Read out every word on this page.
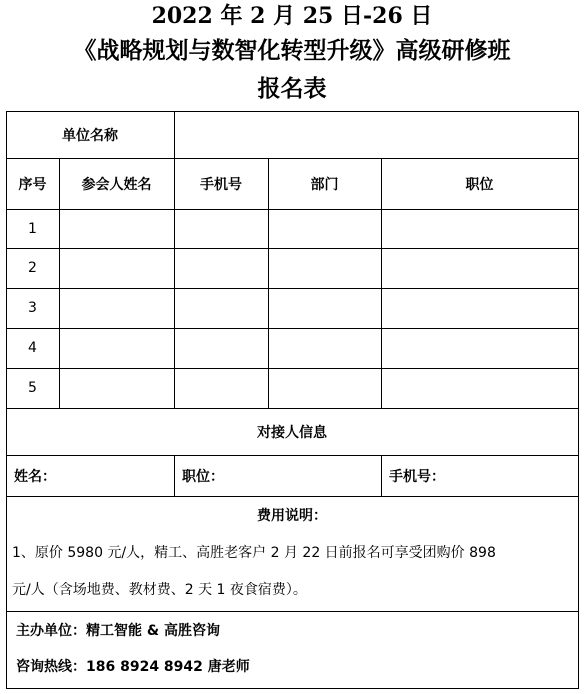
2022 年 2 月 25 日-26 日
《战略规划与数智化转型升级》高级研修班
报名表
单位名称
序号	参会人姓名	手机号	部门	职位
1
2
3
4
5
对接人信息
姓名：	职位：	手机号：
费用说明：
1、原价 5980 元/人，精工、高胜老客户 2 月 22 日前报名可享受团购价 898
元/人（含场地费、教材费、2 天 1 夜食宿费）。
主办单位：精工智能 & 高胜咨询
咨询热线：186 8924 8942 唐老师
